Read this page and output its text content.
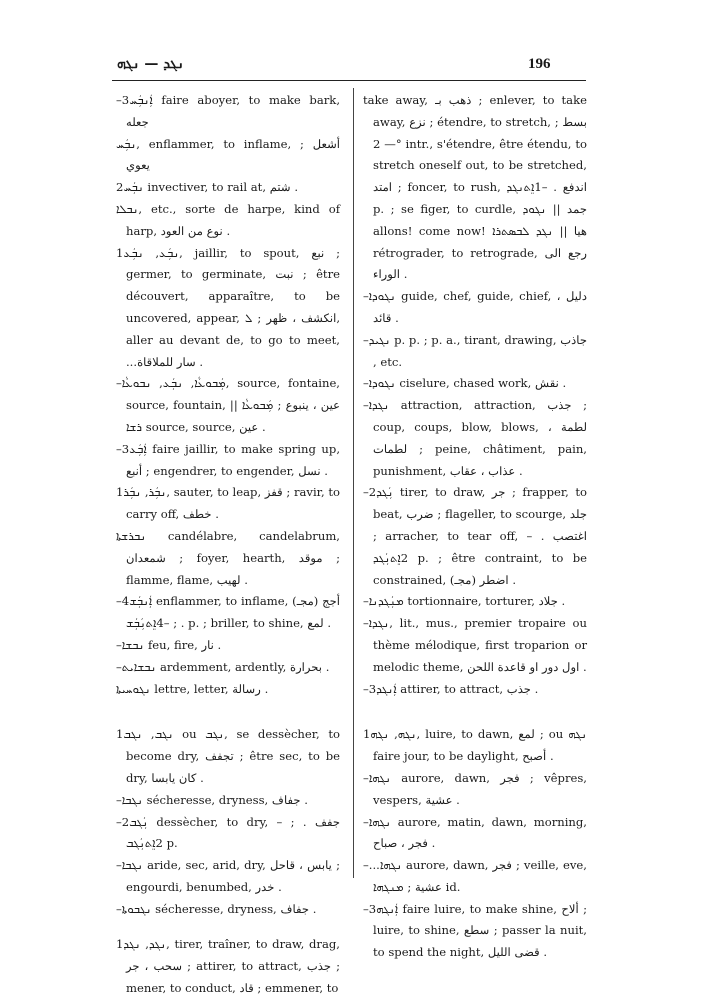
ܢܓܕ — ܢܓܗ	196

–3ܐܲܢܒܲܚ faire aboyer, to make bark, جعله

ܢܒܲܚ, enflammer, to inflame, أشعل ; يعوي

2ܢܒܲܚ invectiver, to rail at, شتم .

ܢܒܠܐ, etc., sorte de harpe, kind of harp, نوع من العود .

1ܢܒܲܥ, ܢܒܲܥ, jaillir, to spout, نبع ; germer, to germinate, نبت ; être découvert, apparaître, to be uncovered, appear, انكشف ، ظهر ; ܠ, aller au devant de, to go to meet, ...سار للملاقاة .

–ܡܲܒܘܥܵܐ, ܢܒܲܥ, ܢܒܘܥܵܐ, source, fontaine, source, fountain, عين ، ينبوع ; ܡܲܒܘܥܵܐ || ܪܫܐ source, source, عين .

–3ܐܲܒܲܥ faire jaillir, to make spring up, أنبع ; engendrer, to engender, نسل .

1ܢܒܲܪ, ܢܒܲܪ, sauter, to leap, قفز ; ravir, to carry off, خطف .

ܢܒܪܫܬܐ candélabre, candelabrum, شمعدان ; foyer, hearth, موقد ; flamme, flame, لهيب .

–4ܐܲܢܒܲܫ enflammer, to inflame, (مجـ) أجج . ; –4ܐܸܬܢܲܒܲܫ p. ; briller, to shine, لمع .

–ܢܒܫܐ feu, fire, نار .

–ܢܒܫܐܝܬ ardemment, ardently, بحرارة .

ܢܓܘܚܝܬܐ lettre, letter, رسالة .

1ܢܓܒ, ܢܓܒ ou ܢܓܒ, se dessècher, to become dry, تجفف ; être sec, to be dry, كان يابسا .

–ܢܓܒܐ sécheresse, dryness, جفاف .

–2ܢܲܓܒ dessècher, to dry, جفف . ; –2ܐܸܬܢܲܓܒ p.

–ܢܓܒܐ aride, sec, arid, dry, يابس ، قاحل ; engourdi, benumbed, خدر .

–ܢܓܒܘܬܐ sécheresse, dryness, جفاف .

1ܢܓܕ, ܢܓܕ, tirer, traîner, to draw, drag, سحب ، جر ; attirer, to attract, جذب ; mener, to conduct, قاد ; emmener, to

take away, ذهب بـ ; enlever, to take away, نزع ; étendre, to stretch, بسط ; — 2° intr., s'étendre, être étendu, to stretch oneself out, to be stretched, امتد ; foncer, to rush, اندفع . –1ܐܸܬܢܓܕ p. ; se figer, to curdle, جمد || ܢܓܘܕ allons! come now! هيا || ܢܓܕ ܠܒܣܬܪܐ rétrograder, to retrograde, رجع الى الوراء .

–ܢܓܘܕܐ guide, chef, guide, chief, دليل ، قائد .

–ܢܓܝܕ p. p. ; p. a., tirant, drawing, جاذب , etc.

–ܢܓܘܕܐ ciselure, chased work, نقش .

–ܢܓܕܐ attraction, attraction, جذب ; coup, coups, blow, blows, لطمة ، لطمات ; peine, châtiment, pain, punishment, عذاب ، عقاب .

–2ܢܲܓܕ tirer, to draw, جر ; frapper, to beat, ضرب ; flageller, to scourge, جلد ; arracher, to tear off, اغتصب . –2ܐܸܬܢܲܓܕ p. ; être contraint, to be constrained, اضطر (مجـ) .

–ܡܢܲܓܕܢܐ tortionnaire, torturer, جلاد .

–ܢܓܕܐ, lit., mus., premier tropaire ou thème mélodique, first troparion or melodic theme, اول دور او قاعدة اللحن .

–3ܐܲܢܓܕ attirer, to attract, جذب .

1ܢܓܗ, ܢܓܗ, luire, to dawn, لمع ; ou ܢܓܗ faire jour, to be daylight, أصبح .

–ܢܓܗܐ aurore, dawn, فجر ; vêpres, vespers, عشية .

–ܢܓܗܐ aurore, matin, dawn, morning, فجر ، صباح .

–...ܢܓܗܐ aurore, dawn, فجر ; veille, eve, عشية ; ܡܢܓܗܐ id.

–3ܐܲܢܓܗ faire luire, to make shine, ألاح ; luire, to shine, سطع ; passer la nuit, to spend the night, قضى الليل .
